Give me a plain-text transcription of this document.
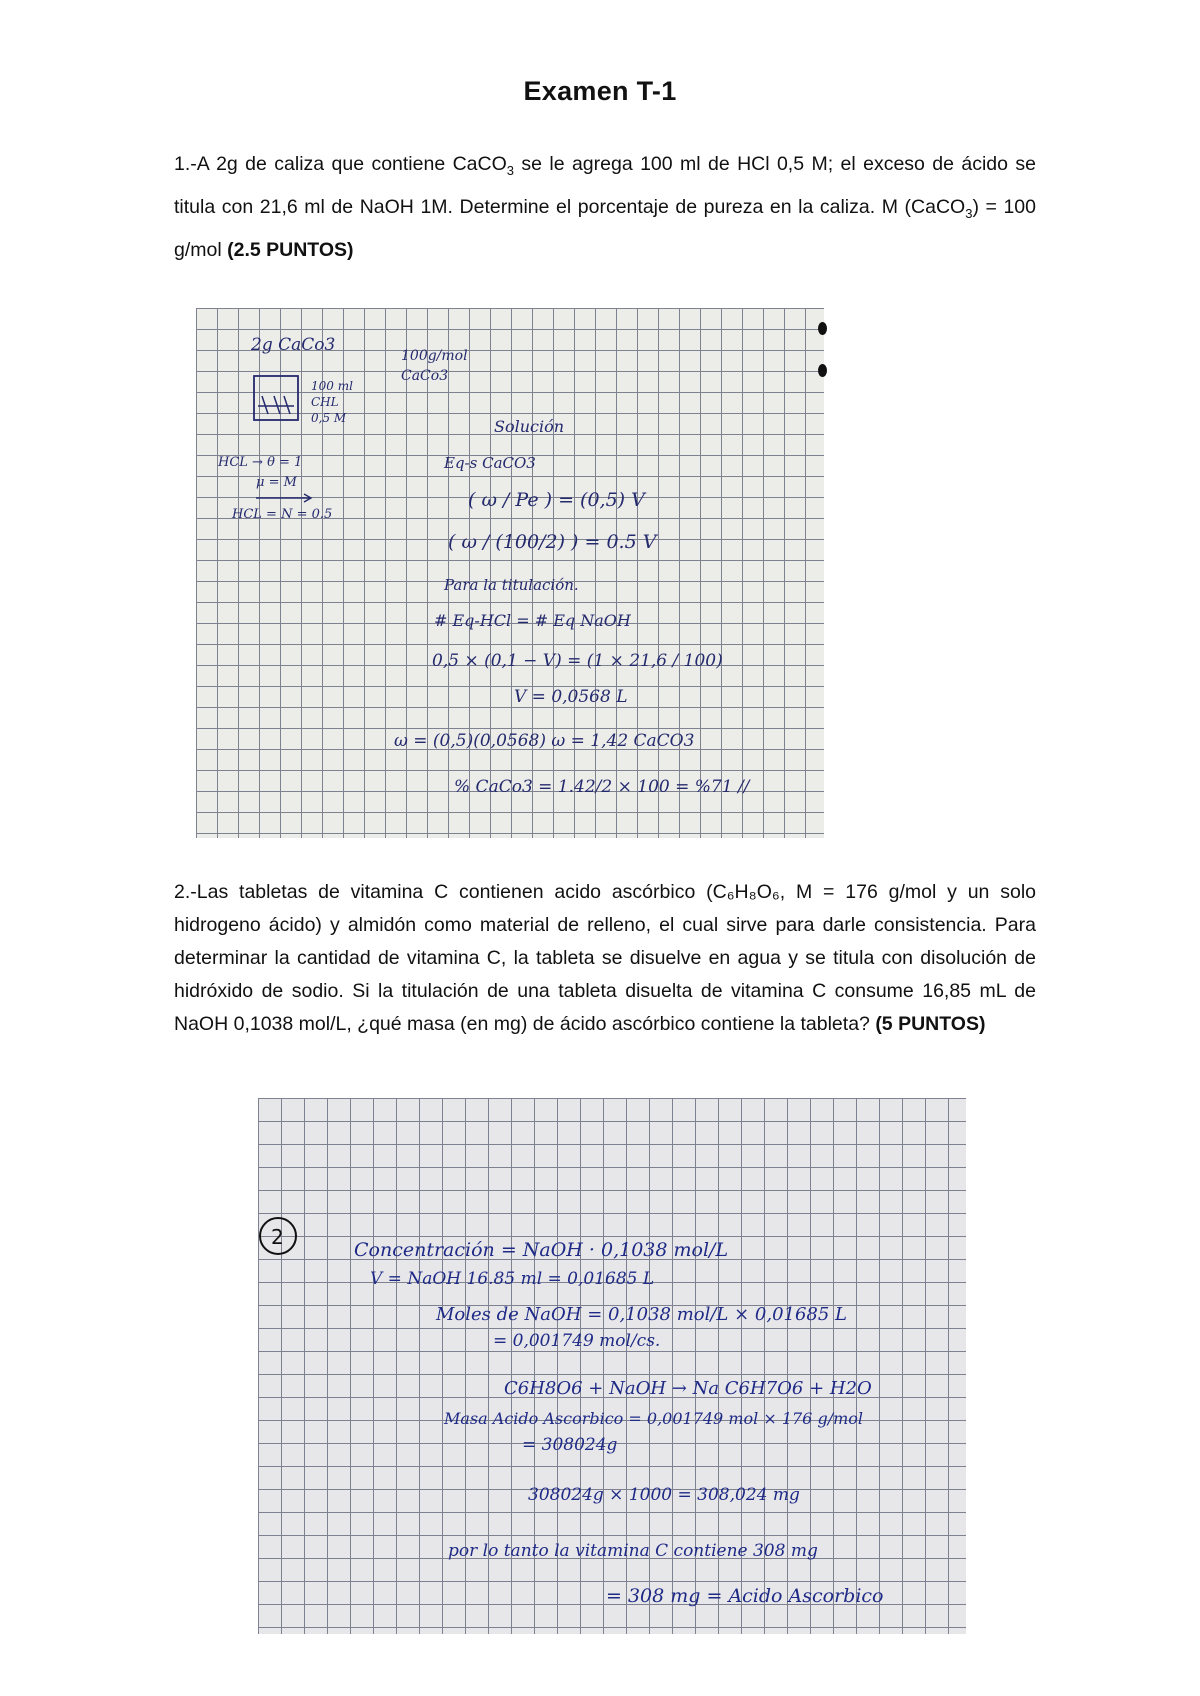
Examen T-1
1.-A 2g de caliza que contiene CaCO$_3$ se le agrega 100 ml de HCl 0,5 M; el exceso de ácido se titula con 21,6 ml de NaOH 1M. Determine el porcentaje de pureza en la caliza. M (CaCO$_3$) = 100 g/mol (2.5 PUNTOS)
2g CaCo3
100g/mol
CaCo3
100 ml
CHL
0,5 M
HCL → θ = 1
μ = M
HCL = N = 0.5
Solución
Eq-s CaCO3
( ω / Pe ) = (0,5) V
( ω / (100/2) ) = 0.5 V
Para la titulación.
# Eq-HCl = # Eq NaOH
0,5 × (0,1 − V) = (1 × 21,6 / 100)
V = 0,0568 L
ω = (0,5)(0,0568) ω = 1,42 CaCO3
% CaCo3 = 1.42/2 × 100 = %71 //
2.-Las tabletas de vitamina C contienen acido ascórbico (C₆H₈O₆, M = 176 g/mol y un solo hidrogeno ácido) y almidón como material de relleno, el cual sirve para darle consistencia. Para determinar la cantidad de vitamina C, la tableta se disuelve en agua y se titula con disolución de hidróxido de sodio. Si la titulación de una tableta disuelta de vitamina C consume 16,85 mL de NaOH 0,1038 mol/L, ¿qué masa (en mg) de ácido ascórbico contiene la tableta? (5 PUNTOS)
2
Concentración = NaOH · 0,1038 mol/L
V = NaOH 16.85 ml = 0,01685 L
Moles de NaOH = 0,1038 mol/L × 0,01685 L
= 0,001749 mol/cs.
C6H8O6 + NaOH → Na C6H7O6 + H2O
Masa Acido Ascorbico = 0,001749 mol × 176 g/mol
= 308024g
308024g × 1000 = 308,024 mg
por lo tanto la vitamina C contiene 308 mg
= 308 mg = Acido Ascorbico
